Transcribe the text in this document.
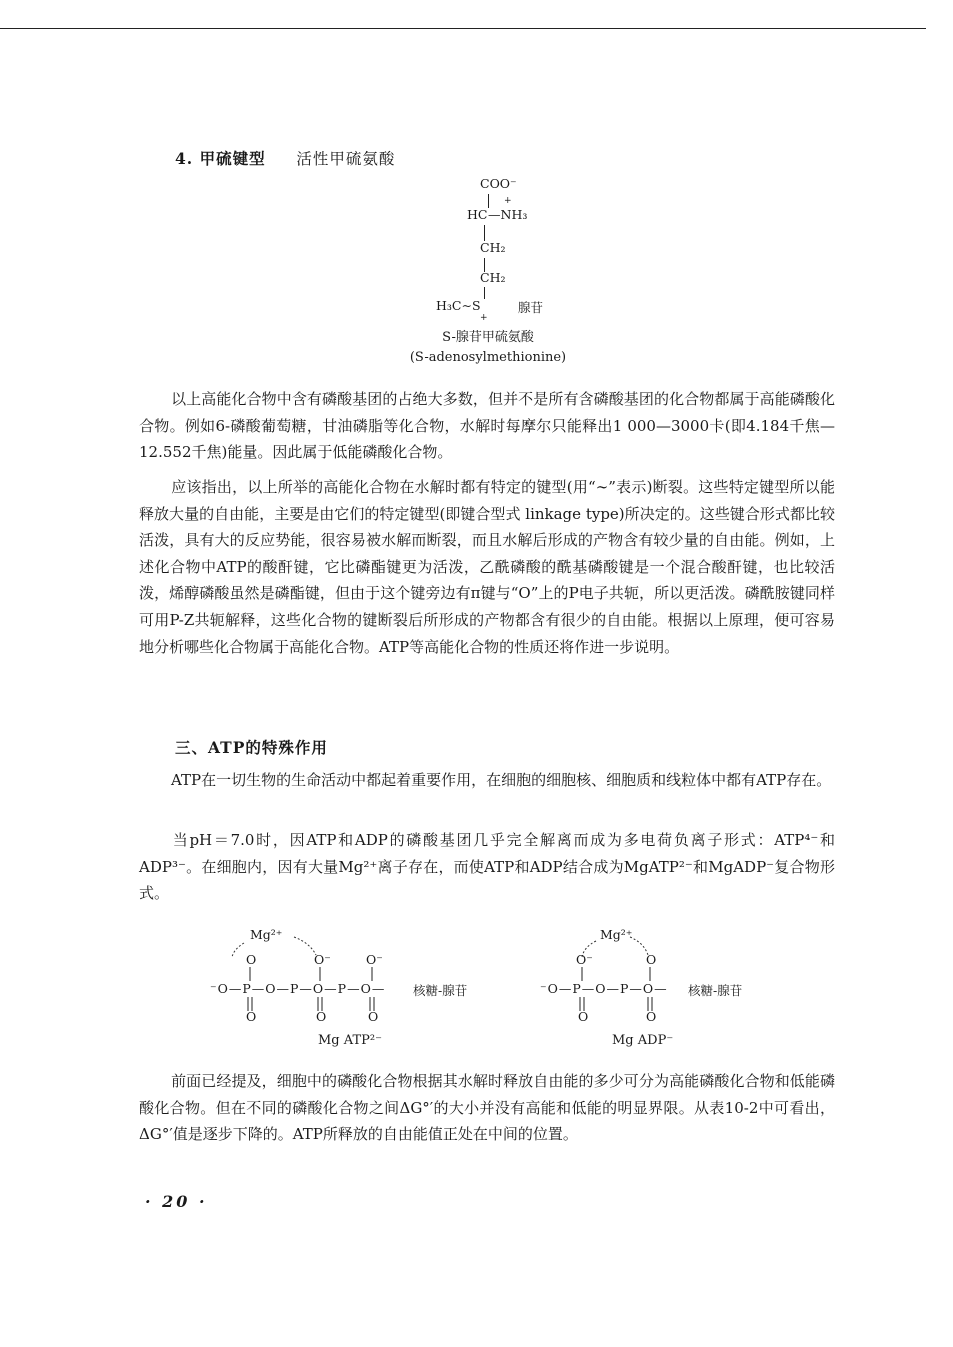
4. 甲硫键型 活性甲硫氨酸
COO⁻
+
HC —NH₃
CH₂
CH₂
H₃C∼S
+
腺苷
S-腺苷甲硫氨酸
(S-adenosylmethionine)

以上高能化合物中含有磷酸基团的占绝大多数，但并不是所有含磷酸基团的化合物都属于高能磷酸化合物。例如6-磷酸葡萄糖，甘油磷脂等化合物，水解时每摩尔只能释出1 000—3000卡(即4.184千焦—12.552千焦)能量。因此属于低能磷酸化合物。

应该指出，以上所举的高能化合物在水解时都有特定的键型(用“∼”表示)断裂。这些特定键型所以能释放大量的自由能，主要是由它们的特定键型(即键合型式 linkage type)所决定的。这些键合形式都比较活泼，具有大的反应势能，很容易被水解而断裂，而且水解后形成的产物含有较少量的自由能。例如，上述化合物中ATP的酸酐键，它比磷酯键更为活泼，乙酰磷酸的酰基磷酸键是一个混合酸酐键，也比较活泼，烯醇磷酸虽然是磷酯键，但由于这个键旁边有π键与“O”上的P电子共轭，所以更活泼。磷酰胺键同样可用P-Z共轭解释，这些化合物的键断裂后所形成的产物都含有很少的自由能。根据以上原理，便可容易地分析哪些化合物属于高能化合物。ATP等高能化合物的性质还将作进一步说明。

三、ATP的特殊作用

ATP在一切生物的生命活动中都起着重要作用，在细胞的细胞核、细胞质和线粒体中都有ATP存在。

当pH＝7.0时，因ATP和ADP的磷酸基团几乎完全解离而成为多电荷负离子形式：ATP⁴⁻和ADP³⁻。在细胞内，因有大量Mg²⁺离子存在，而使ATP和ADP结合成为MgATP²⁻和MgADP⁻复合物形式。

Mg²⁺
O	O⁻	O⁻
⁻O—P—O—P—O—P—O— 核糖-腺苷
O	O	O
Mg ATP²⁻
Mg²⁺
O⁻	O
⁻O—P—O—P—O— 核糖-腺苷
O	O
Mg ADP⁻

前面已经提及，细胞中的磷酸化合物根据其水解时释放自由能的多少可分为高能磷酸化合物和低能磷酸化合物。但在不同的磷酸化合物之间ΔG°′的大小并没有高能和低能的明显界限。从表10-2中可看出，ΔG°′值是逐步下降的。ATP所释放的自由能值正处在中间的位置。

· 20 ·
